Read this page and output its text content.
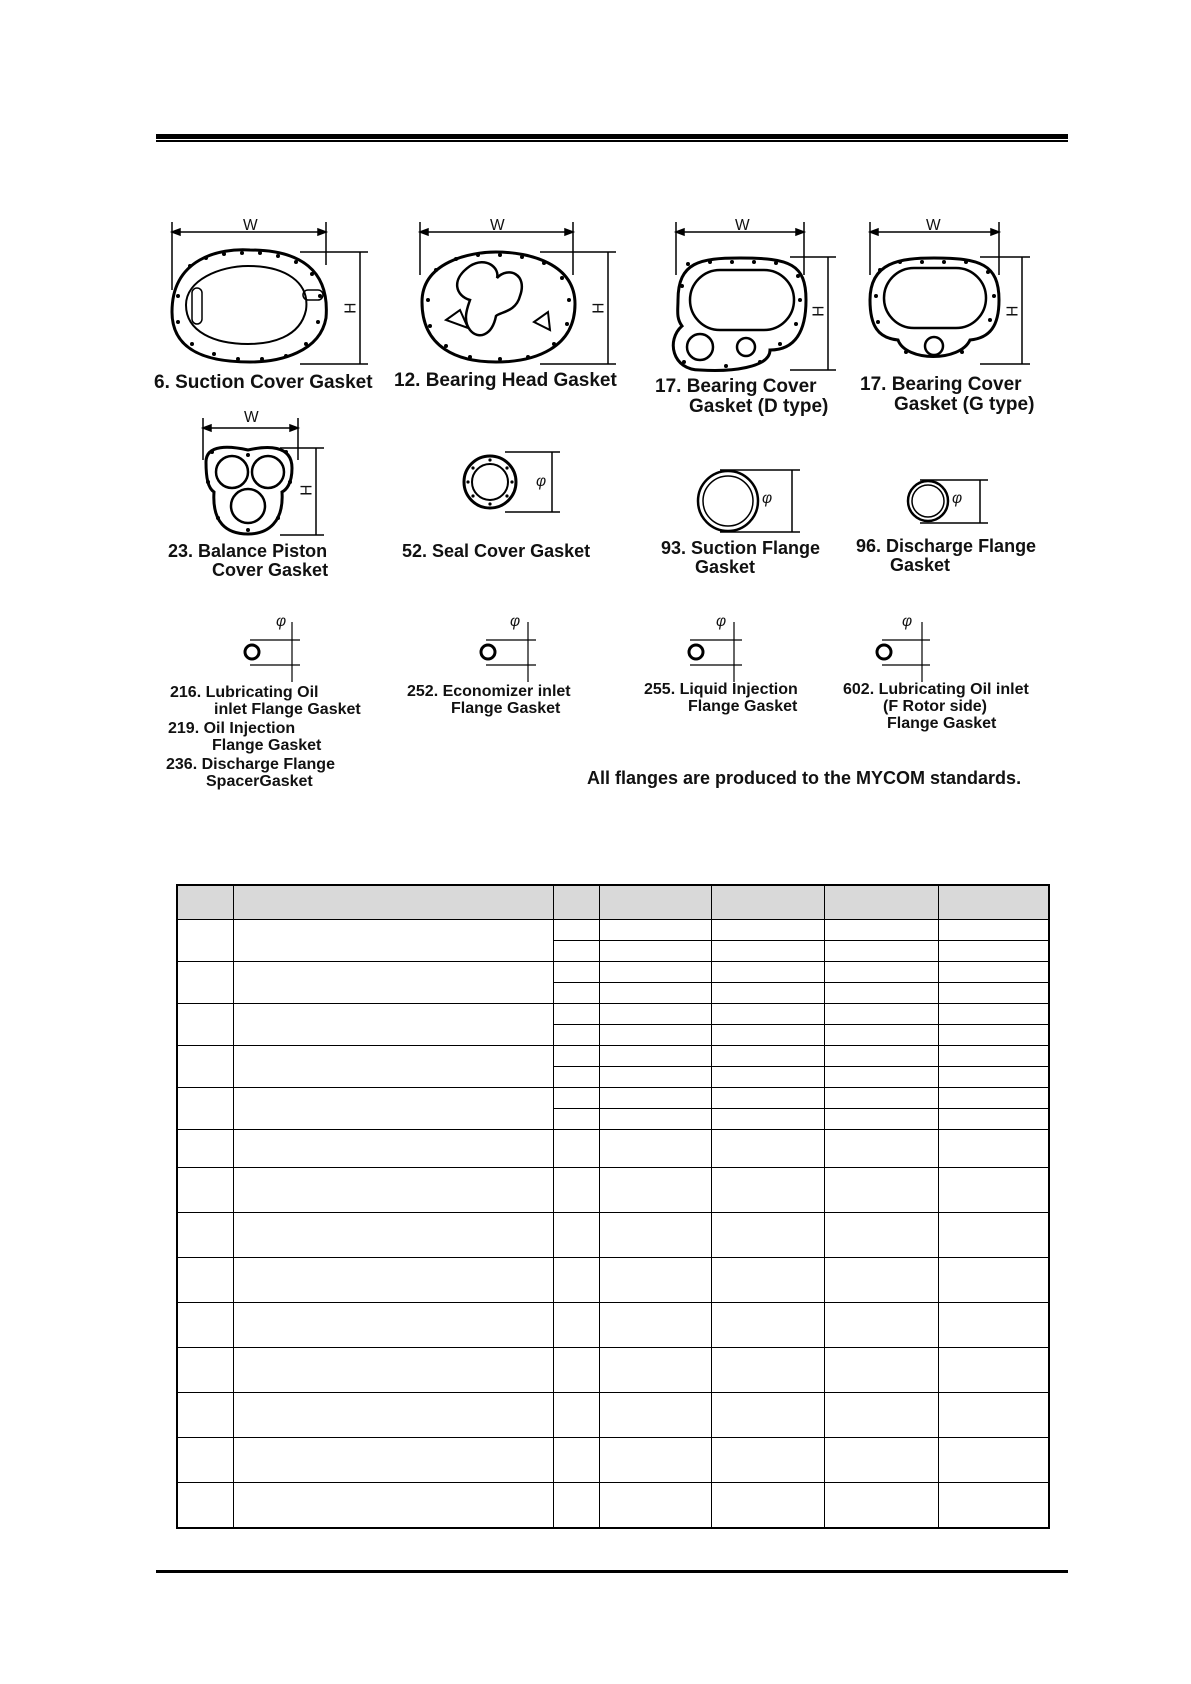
W
H
W
H
W
H
W
H
W
H
φ
φ	φ
φ	φ	φ	φ
6. Suction Cover Gasket 12. Bearing Head Gasket 17. Bearing Cover
Gasket (D type)
17. Bearing Cover
Gasket (G type)
23. Balance Piston
Cover Gasket
52. Seal Cover Gasket	93. Suction Flange
Gasket
96. Discharge Flange
Gasket
216. Lubricating Oil
inlet Flange Gasket
219. Oil Injection
Flange Gasket
236. Discharge Flange
SpacerGasket
252. Economizer inlet
Flange Gasket
255. Liquid Injection
Flange Gasket
602. Lubricating Oil inlet
(F Rotor side)
Flange Gasket
All flanges are produced to the MYCOM standards.
